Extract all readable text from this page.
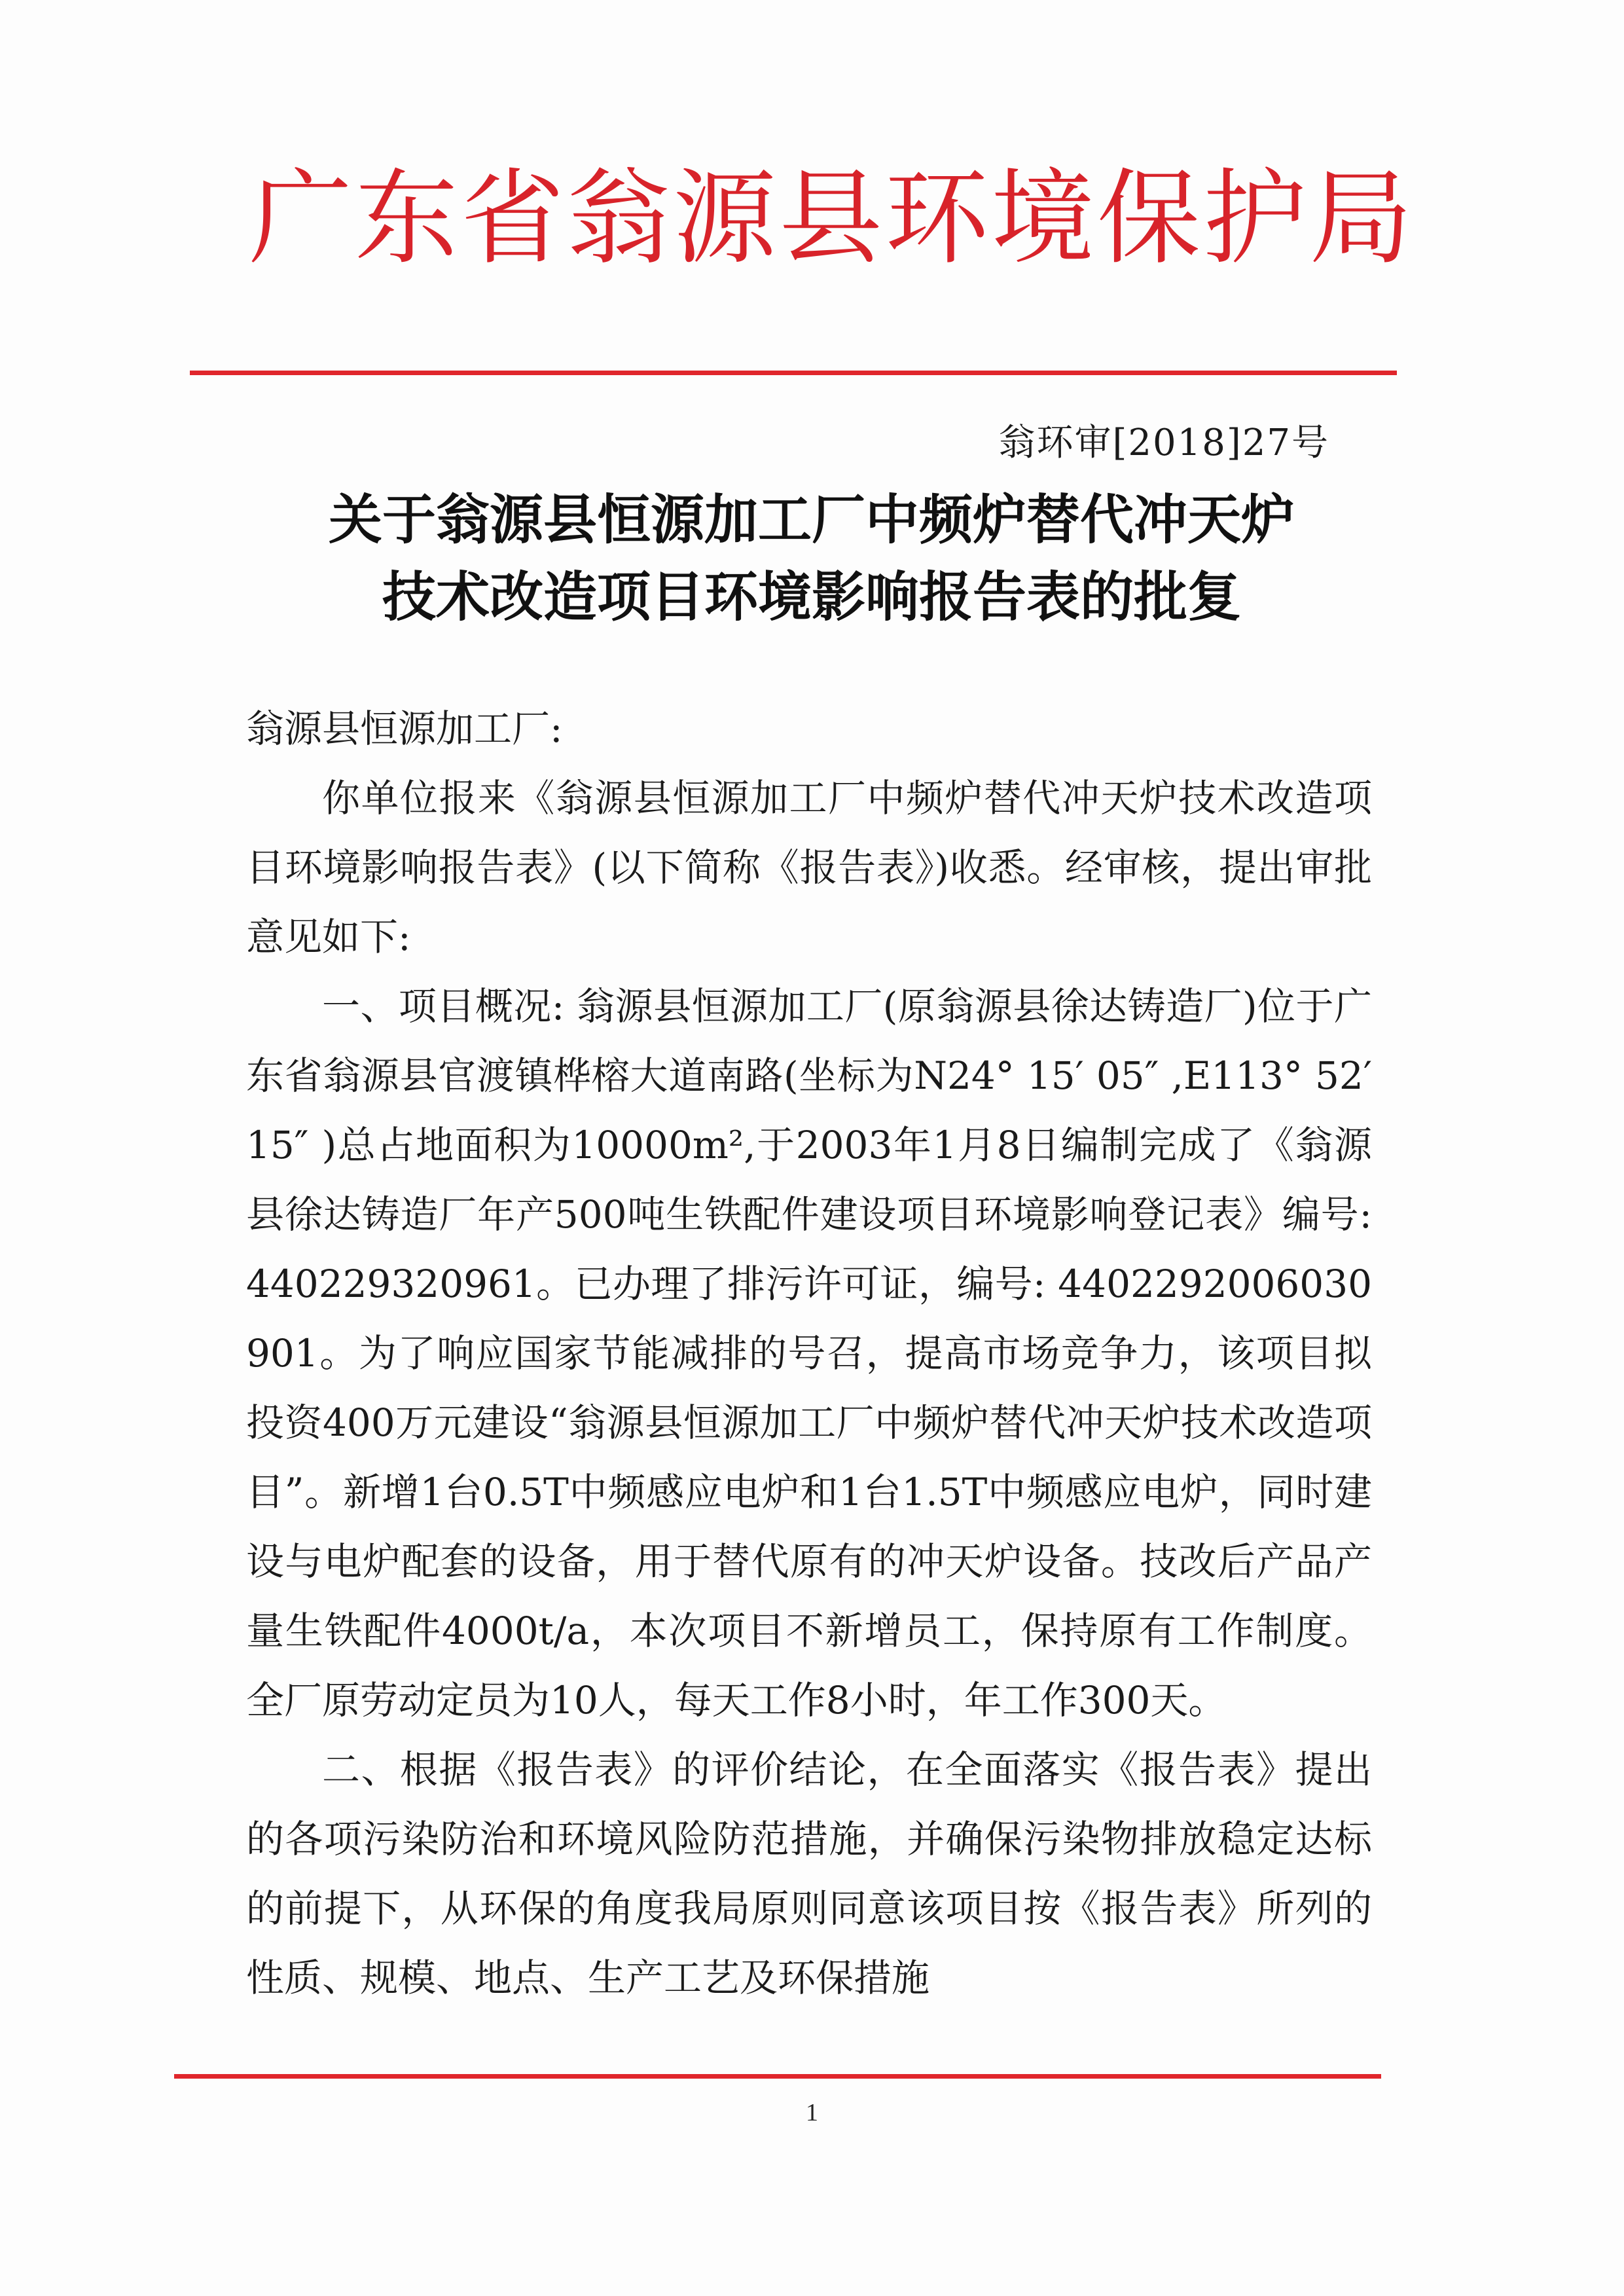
广东省翁源县环境保护局
翁环审[2018]27号
关于翁源县恒源加工厂中频炉替代冲天炉
技术改造项目环境影响报告表的批复

翁源县恒源加工厂:

你单位报来《翁源县恒源加工厂中频炉替代冲天炉技术改造项目环境影响报告表》(以下简称《报告表》)收悉。经审核，提出审批意见如下:

一、项目概况: 翁源县恒源加工厂(原翁源县徐达铸造厂)位于广东省翁源县官渡镇桦榕大道南路(坐标为N24° 15′ 05″ ,E113° 52′ 15″ )总占地面积为10000m²,于2003年1月8日编制完成了《翁源县徐达铸造厂年产500吨生铁配件建设项目环境影响登记表》编号: 440229320961。已办理了排污许可证，编号: 4402292006030901。为了响应国家节能减排的号召，提高市场竞争力，该项目拟投资400万元建设“翁源县恒源加工厂中频炉替代冲天炉技术改造项目”。新增1台0.5T中频感应电炉和1台1.5T中频感应电炉，同时建设与电炉配套的设备，用于替代原有的冲天炉设备。技改后产品产量生铁配件4000t/a，本次项目不新增员工，保持原有工作制度。全厂原劳动定员为10人，每天工作8小时，年工作300天。

二、根据《报告表》的评价结论，在全面落实《报告表》提出的各项污染防治和环境风险防范措施，并确保污染物排放稳定达标的前提下，从环保的角度我局原则同意该项目按《报告表》所列的性质、规模、地点、生产工艺及环保措施

1
